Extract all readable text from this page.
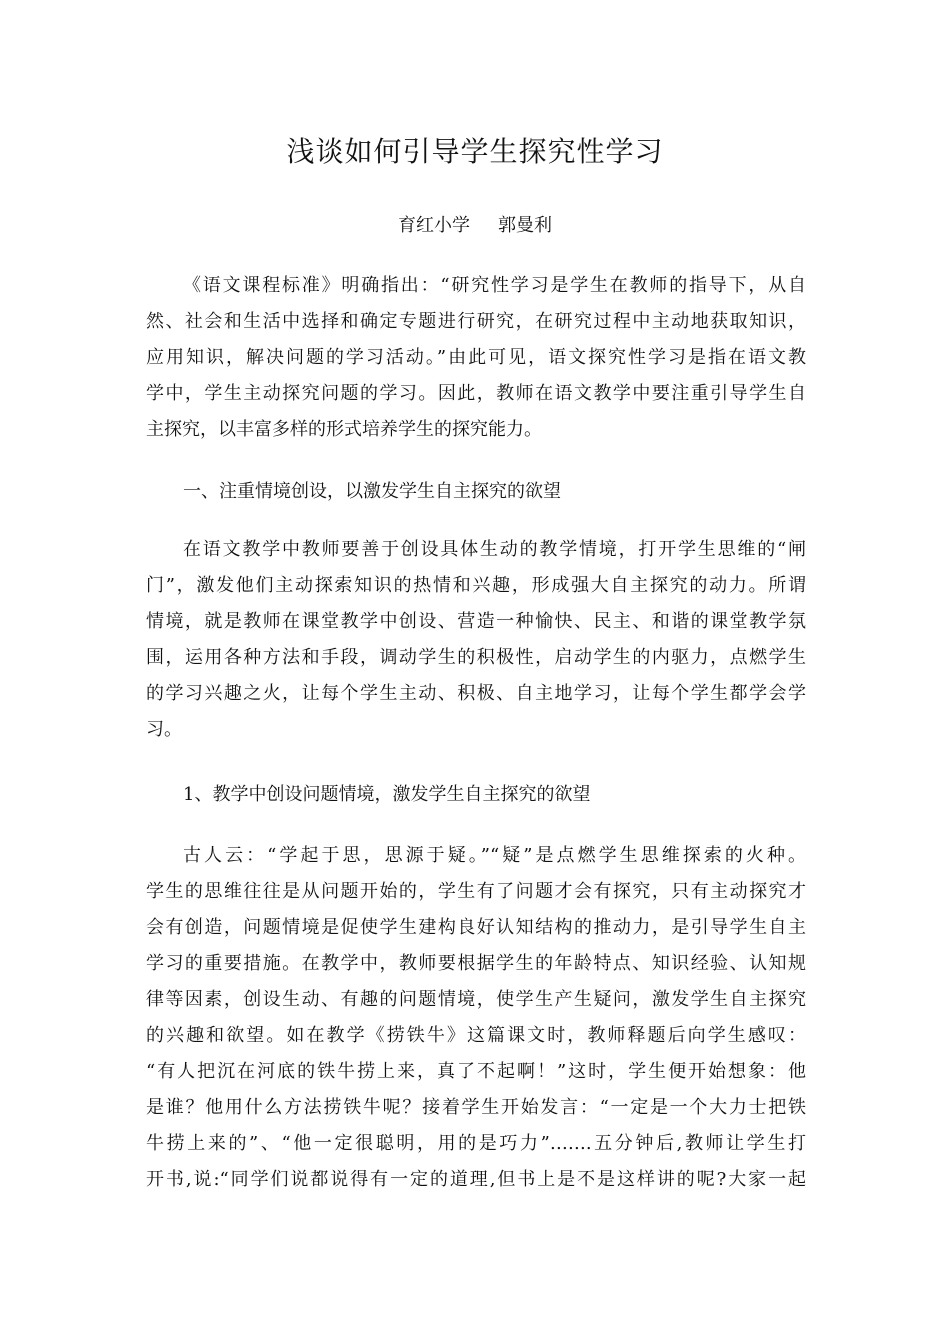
浅谈如何引导学生探究性学习
育红小学 郭曼利
《语文课程标准》明确指出：“研究性学习是学生在教师的指导下，从自
然、社会和生活中选择和确定专题进行研究，在研究过程中主动地获取知识，
应用知识，解决问题的学习活动。”由此可见，语文探究性学习是指在语文教
学中，学生主动探究问题的学习。因此，教师在语文教学中要注重引导学生自
主探究，以丰富多样的形式培养学生的探究能力。
一、注重情境创设，以激发学生自主探究的欲望
在语文教学中教师要善于创设具体生动的教学情境，打开学生思维的“闸
门”，激发他们主动探索知识的热情和兴趣，形成强大自主探究的动力。所谓
情境，就是教师在课堂教学中创设、营造一种愉快、民主、和谐的课堂教学氛
围，运用各种方法和手段，调动学生的积极性，启动学生的内驱力，点燃学生
的学习兴趣之火，让每个学生主动、积极、自主地学习，让每个学生都学会学
习。
1、教学中创设问题情境，激发学生自主探究的欲望
古人云：“学起于思，思源于疑。”“疑”是点燃学生思维探索的火种。
学生的思维往往是从问题开始的，学生有了问题才会有探究，只有主动探究才
会有创造，问题情境是促使学生建构良好认知结构的推动力，是引导学生自主
学习的重要措施。在教学中，教师要根据学生的年龄特点、知识经验、认知规
律等因素，创设生动、有趣的问题情境，使学生产生疑问，激发学生自主探究
的兴趣和欲望。如在教学《捞铁牛》这篇课文时，教师释题后向学生感叹：
“有人把沉在河底的铁牛捞上来，真了不起啊！”这时，学生便开始想象：他
是谁？他用什么方法捞铁牛呢？接着学生开始发言：“一定是一个大力士把铁
牛捞上来的”、“他一定很聪明，用的是巧力”…….五分钟后,教师让学生打
开书,说:“同学们说都说得有一定的道理,但书上是不是这样讲的呢?大家一起
